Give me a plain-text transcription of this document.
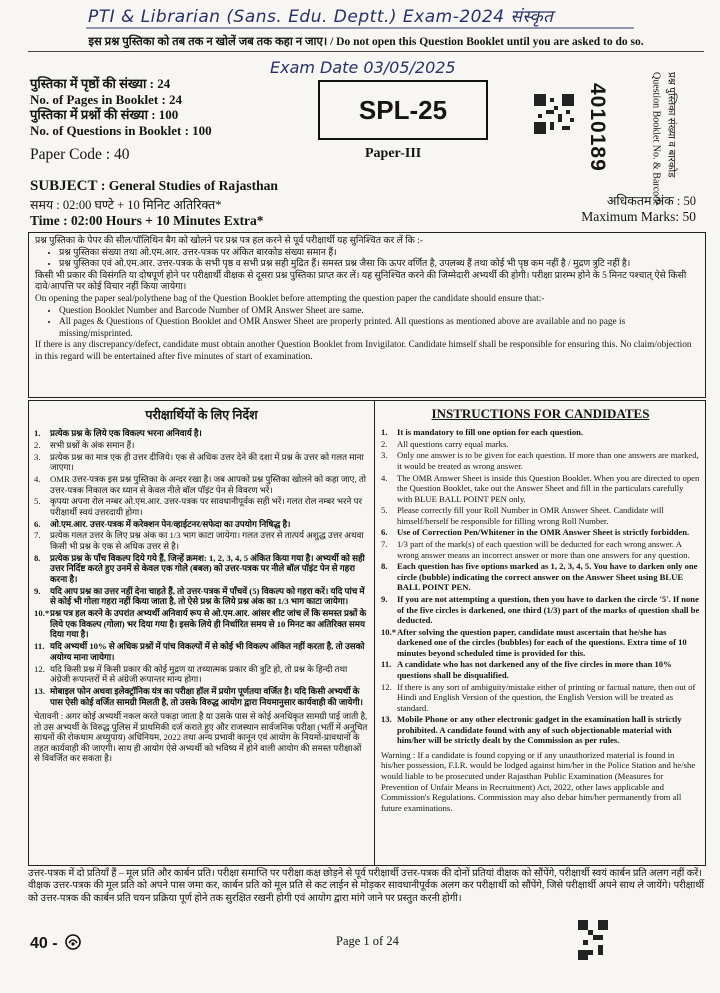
PTI & Librarian (Sans. Edu. Deptt.) Exam-2024 संस्कृत
इस प्रश्न पुस्तिका को तब तक न खोलें जब तक कहा न जाए। / Do not open this Question Booklet until you are asked to do so.
Exam Date 03/05/2025
पुस्तिका में पृष्ठों की संख्या : 24
No. of Pages in Booklet : 24
पुस्तिका में प्रश्नों की संख्या : 100
No. of Questions in Booklet : 100
Paper Code : 40
SPL-25
Paper-III	4010189	प्रश्न पुस्तिका संख्या व बारकोड
Question Booklet No. & Barcode
SUBJECT : General Studies of Rajasthan
समय : 02:00 घण्टे + 10 मिनिट अतिरिक्त*
Time : 02:00 Hours + 10 Minutes Extra*
अधिकतम अंक : 50
Maximum Marks: 50

प्रश्न पुस्तिका के पेपर की सील/पॉलिथिन बैग को खोलने पर प्रश्न पत्र हल करने से पूर्व परीक्षार्थी यह सुनिश्चित कर लें कि :-

• प्रश्न पुस्तिका संख्या तथा ओ.एम.आर. उत्तर-पत्रक पर अंकित बारकोड संख्या समान हैं।
• प्रश्न पुस्तिका एवं ओ.एम.आर. उत्तर-पत्रक के सभी पृष्ठ व सभी प्रश्न सही मुद्रित हैं। समस्त प्रश्न जैसा कि ऊपर वर्णित है, उपलब्ध हैं तथा कोई भी पृष्ठ कम नहीं है / मुद्रण त्रुटि नहीं है।

किसी भी प्रकार की विसंगति या दोषपूर्ण होने पर परीक्षार्थी वीक्षक से दूसरा प्रश्न पुस्तिका प्राप्त कर लें। यह सुनिश्चित करने की जिम्मेदारी अभ्यर्थी की होगी। परीक्षा प्रारम्भ होने के 5 मिनट पश्चात् ऐसे किसी दावे/आपत्ति पर कोई विचार नहीं किया जायेगा।

On opening the paper seal/polythene bag of the Question Booklet before attempting the question paper the candidate should ensure that:-

• Question Booklet Number and Barcode Number of OMR Answer Sheet are same.
• All pages & Questions of Question Booklet and OMR Answer Sheet are properly printed. All questions as mentioned above are available and no page is missing/misprinted.

If there is any discrepancy/defect, candidate must obtain another Question Booklet from Invigilator. Candidate himself shall be responsible for ensuring this. No claim/objection in this regard will be entertained after five minutes of start of examination.

परीक्षार्थियों के लिए निर्देश
1.	प्रत्येक प्रश्न के लिये एक विकल्प भरना अनिवार्य है।
2.	सभी प्रश्नों के अंक समान हैं।
3.	प्रत्येक प्रश्न का मात्र एक ही उत्तर दीजिये। एक से अधिक उत्तर देने की दशा में प्रश्न के उत्तर को गलत माना जाएगा।
4.	OMR उत्तर-पत्रक इस प्रश्न पुस्तिका के अन्दर रखा है। जब आपको प्रश्न पुस्तिका खोलने को कहा जाए, तो उत्तर-पत्रक निकाल कर ध्यान से केवल नीले बॉल पॉइंट पेन से विवरण भरें।
5.	कृपया अपना रोल नम्बर ओ.एम.आर. उत्तर-पत्रक पर सावधानीपूर्वक सही भरें। गलत रोल नम्बर भरने पर परीक्षार्थी स्वयं उत्तरदायी होगा।
6.	ओ.एम.आर. उत्तर-पत्रक में करेक्शन पेन/व्हाईटनर/सफेदा का उपयोग निषिद्ध है।
7.	प्रत्येक गलत उत्तर के लिए प्रश्न अंक का 1/3 भाग काटा जायेगा। गलत उत्तर से तात्पर्य अशुद्ध उत्तर अथवा किसी भी प्रश्न के एक से अधिक उत्तर से है।
8.	प्रत्येक प्रश्न के पाँच विकल्प दिये गये हैं, जिन्हें क्रमश: 1, 2, 3, 4, 5 अंकित किया गया है। अभ्यर्थी को सही उत्तर निर्दिष्ट करते हुए उनमें से केवल एक गोले (बबल) को उत्तर-पत्रक पर नीले बॉल पॉइंट पेन से गहरा करना है।
9.	यदि आप प्रश्न का उत्तर नहीं देना चाहते हैं, तो उत्तर-पत्रक में पाँचवें (5) विकल्प को गहरा करें। यदि पांच में से कोई भी गोला गहरा नहीं किया जाता है, तो ऐसे प्रश्न के लिये प्रश्न अंक का 1/3 भाग काटा जायेगा।
10.* प्रश्न पत्र हल करने के उपरांत अभ्यर्थी अनिवार्य रूप से ओ.एम.आर. आंसर शीट जांच लें कि समस्त प्रश्नों के लिये एक विकल्प (गोला) भर दिया गया है। इसके लिये ही निर्धारित समय से 10 मिनट का अतिरिक्त समय दिया गया है।
11. यदि अभ्यर्थी 10% से अधिक प्रश्नों में पांच विकल्पों में से कोई भी विकल्प अंकित नहीं करता है, तो उसको अयोग्य माना जायेगा।
12. यदि किसी प्रश्न में किसी प्रकार की कोई मुद्रण या तथ्यात्मक प्रकार की त्रुटि हो, तो प्रश्न के हिन्दी तथा अंग्रेजी रूपान्तरों में से अंग्रेजी रूपान्तर मान्य होगा।
13. मोबाइल फोन अथवा इलेक्ट्रॉनिक यंत्र का परीक्षा हॉल में प्रयोग पूर्णतया वर्जित है। यदि किसी अभ्यर्थी के पास ऐसी कोई वर्जित सामग्री मिलती है, तो उसके विरुद्ध आयोग द्वारा नियमानुसार कार्यवाही की जायेगी।
चेतावनी : अगर कोई अभ्यर्थी नकल करते पकड़ा जाता है या उसके पास से कोई अनधिकृत सामग्री पाई जाती है, तो उस अभ्यर्थी के विरुद्ध पुलिस में प्राथमिकी दर्ज कराते हुए और राजस्थान सार्वजनिक परीक्षा (भर्ती में अनुचित साधनों की रोकथाम अध्युपाय) अधिनियम, 2022 तथा अन्य प्रभावी कानून एवं आयोग के नियमों-प्रावधानों के तहत कार्यवाही की जाएगी। साथ ही आयोग ऐसे अभ्यर्थी को भविष्य में होने वाली आयोग की समस्त परीक्षाओं से विवर्जित कर सकता है।
INSTRUCTIONS FOR CANDIDATES
1.	It is mandatory to fill one option for each question.
2.	All questions carry equal marks.
3.	Only one answer is to be given for each question. If more than one answers are marked, it would be treated as wrong answer.
4.	The OMR Answer Sheet is inside this Question Booklet. When you are directed to open the Question Booklet, take out the Answer Sheet and fill in the particulars carefully with BLUE BALL POINT PEN only.
5.	Please correctly fill your Roll Number in OMR Answer Sheet. Candidate will himself/herself be responsible for filling wrong Roll Number.
6.	Use of Correction Pen/Whitener in the OMR Answer Sheet is strictly forbidden.
7.	1/3 part of the mark(s) of each question will be deducted for each wrong answer. A wrong answer means an incorrect answer or more than one answers for any question.
8.	Each question has five options marked as 1, 2, 3, 4, 5. You have to darken only one circle (bubble) indicating the correct answer on the Answer Sheet using BLUE BALL POINT PEN.
9.	If you are not attempting a question, then you have to darken the circle '5'. If none of the five circles is darkened, one third (1/3) part of the marks of question shall be deducted.
10.* After solving the question paper, candidate must ascertain that he/she has darkened one of the circles (bubbles) for each of the questions. Extra time of 10 minutes beyond scheduled time is provided for this.
11. A candidate who has not darkened any of the five circles in more than 10% questions shall be disqualified.
12. If there is any sort of ambiguity/mistake either of printing or factual nature, then out of Hindi and English Version of the question, the English Version will be treated as standard.
13. Mobile Phone or any other electronic gadget in the examination hall is strictly prohibited. A candidate found with any of such objectionable material with him/her will be strictly dealt by the Commission as per rules.
Warning : If a candidate is found copying or if any unauthorized material is found in his/her possession, F.I.R. would be lodged against him/her in the Police Station and he/she would liable to be prosecuted under Rajasthan Public Examination (Measures for Prevention of Unfair Means in Recruitment) Act, 2022, other laws applicable and Commission's Regulations. Commission may also debar him/her permanently from all future examinations.
उत्तर-पत्रक में दो प्रतियाँ हैं – मूल प्रति और कार्बन प्रति। परीक्षा समाप्ति पर परीक्षा कक्ष छोड़ने से पूर्व परीक्षार्थी उत्तर-पत्रक की दोनों प्रतियां वीक्षक को सौंपेंगे, परीक्षार्थी स्वयं कार्बन प्रति अलग नहीं करें। वीक्षक उत्तर-पत्रक की मूल प्रति को अपने पास जमा कर, कार्बन प्रति को मूल प्रति से कट लाईन से मोड़कर सावधानीपूर्वक अलग कर परीक्षार्थी को सौंपेंगे, जिसे परीक्षार्थी अपने साथ ले जायेंगे। परीक्षार्थी को उत्तर-पत्रक की कार्बन प्रति चयन प्रक्रिया पूर्ण होने तक सुरक्षित रखनी होगी एवं आयोग द्वारा मांगे जाने पर प्रस्तुत करनी होगी।
40 -	Page 1 of 24
